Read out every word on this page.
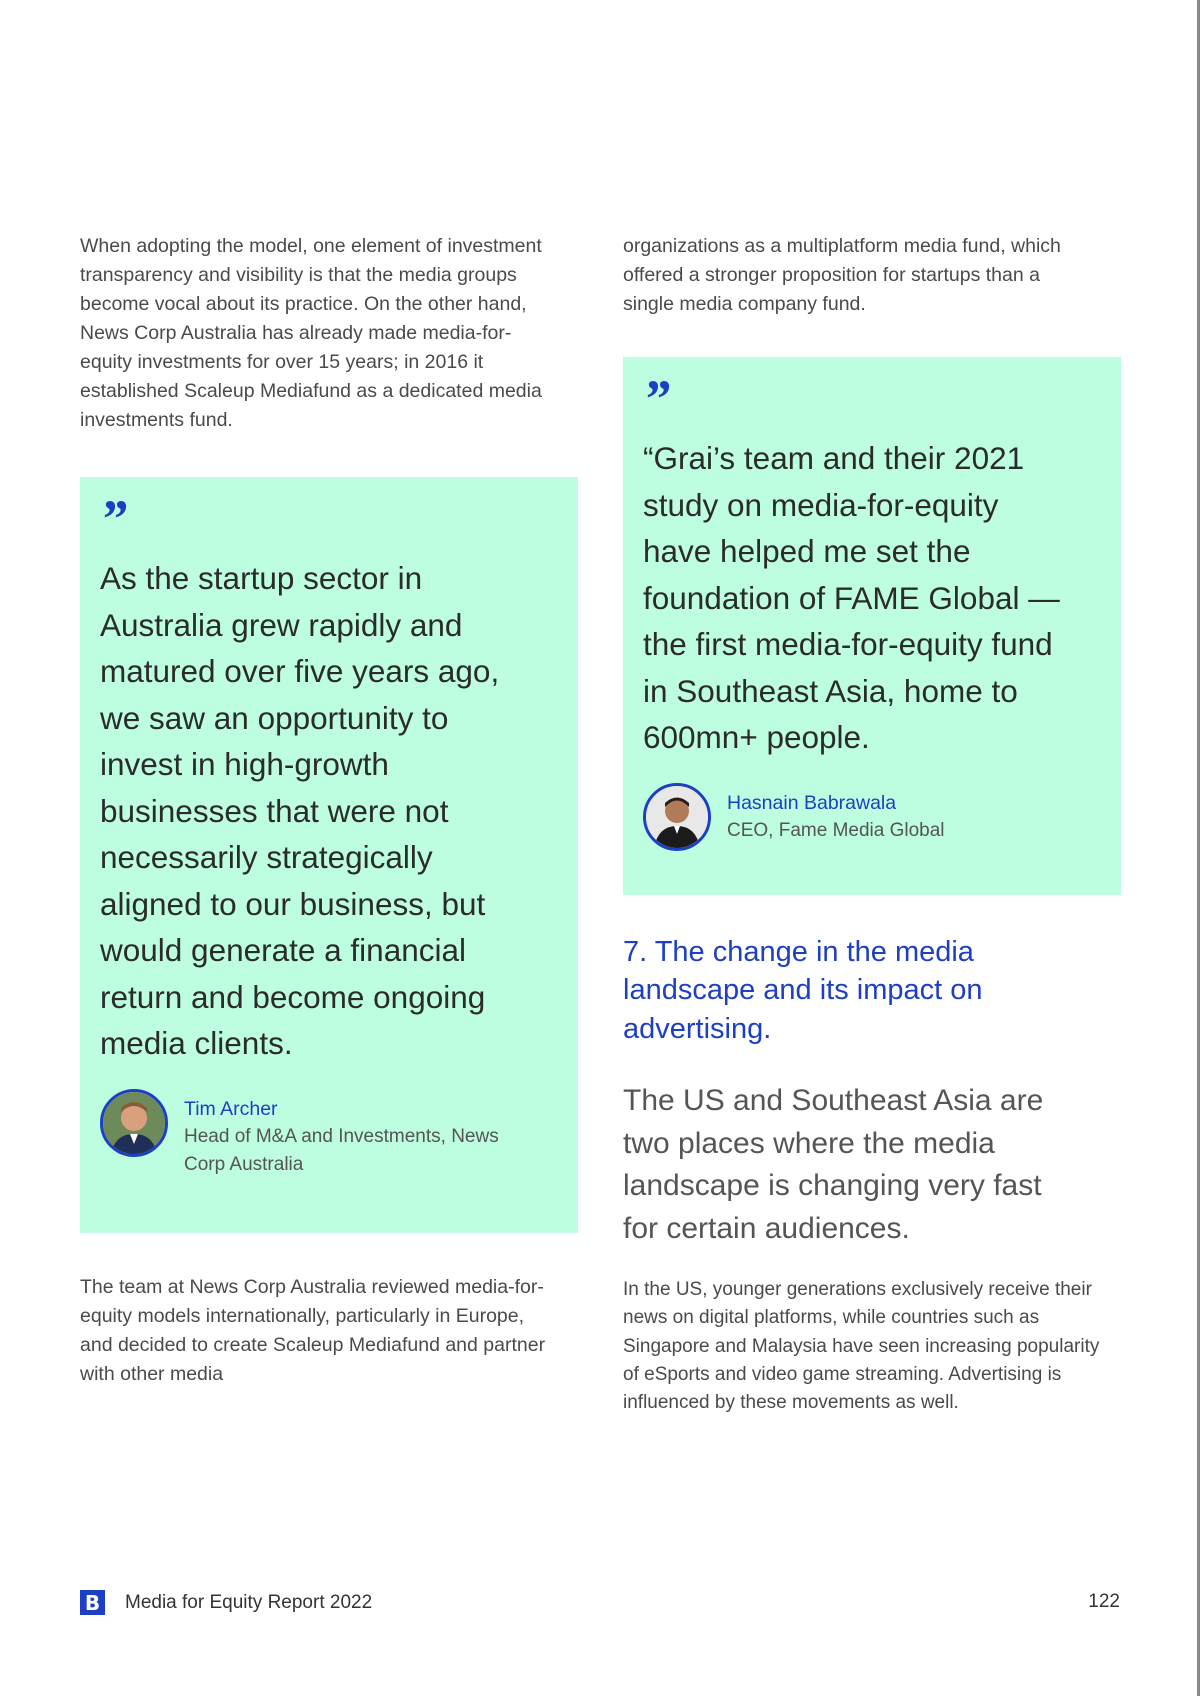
When adopting the model, one element of investment transparency and visibility is that the media groups become vocal about its practice. On the other hand, News Corp Australia has already made media-for-equity investments for over 15 years; in 2016 it established Scaleup Mediafund as a dedicated media investments fund.

”

As the startup sector in Australia grew rapidly and matured over five years ago, we saw an opportunity to invest in high-growth businesses that were not necessarily strategically aligned to our business, but would generate a financial return and become ongoing media clients.

Tim Archer
Head of M&A and Investments, News Corp Australia

The team at News Corp Australia reviewed media-for-equity models internationally, particularly in Europe, and decided to create Scaleup Mediafund and partner with other media

organizations as a multiplatform media fund, which offered a stronger proposition for startups than a single media company fund.

”

“Grai’s team and their 2021 study on media-for-equity have helped me set the foundation of FAME Global — the first media-for-equity fund in Southeast Asia, home to 600mn+ people.

Hasnain Babrawala
CEO, Fame Media Global
7. The change in the media landscape and its impact on advertising.

The US and Southeast Asia are two places where the media landscape is changing very fast for certain audiences.

In the US, younger generations exclusively receive their news on digital platforms, while countries such as Singapore and Malaysia have seen increasing popularity of eSports and video game streaming. Advertising is influenced by these movements as well.

B Media for Equity Report 2022	122
